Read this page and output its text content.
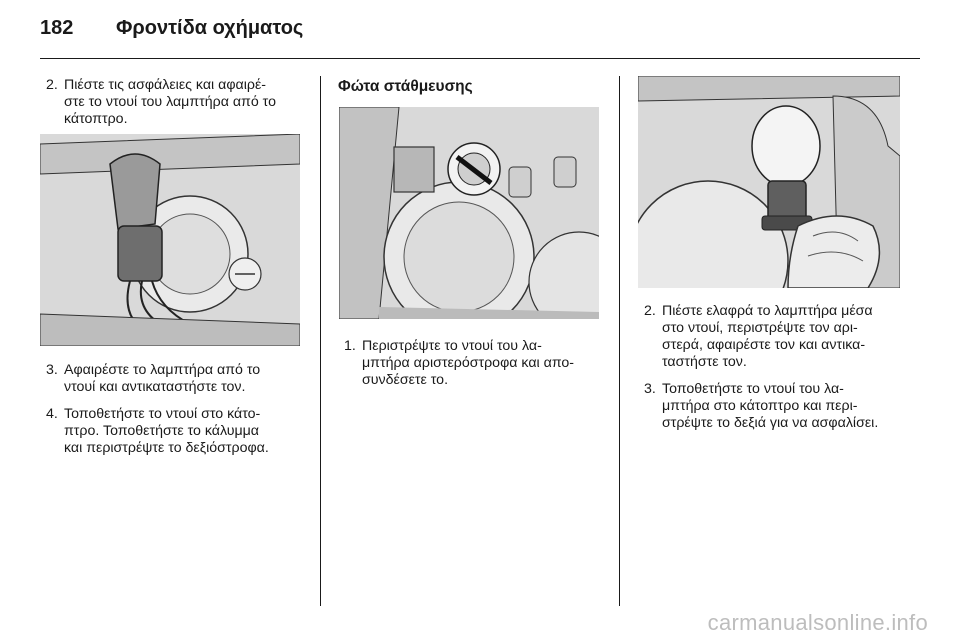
182 Φροντίδα οχήματος
2. Πιέστε τις ασφάλειες και αφαιρέ-
στε το ντουί του λαμπτήρα από το
κάτοπτρο.
3. Αφαιρέστε το λαμπτήρα από το
ντουί και αντικαταστήστε τον.
4. Τοποθετήστε το ντουί στο κάτο-
πτρο. Τοποθετήστε το κάλυμμα
και περιστρέψτε το δεξιόστροφα.
Φώτα στάθμευσης
1. Περιστρέψτε το ντουί του λα-
μπτήρα αριστερόστροφα και απο-
συνδέσετε το.
2. Πιέστε ελαφρά το λαμπτήρα μέσα
στο ντουί, περιστρέψτε τον αρι-
στερά, αφαιρέστε τον και αντικα-
ταστήστε τον.
3. Τοποθετήστε το ντουί του λα-
μπτήρα στο κάτοπτρο και περι-
στρέψτε το δεξιά για να ασφαλίσει.
carmanualsonline.info
